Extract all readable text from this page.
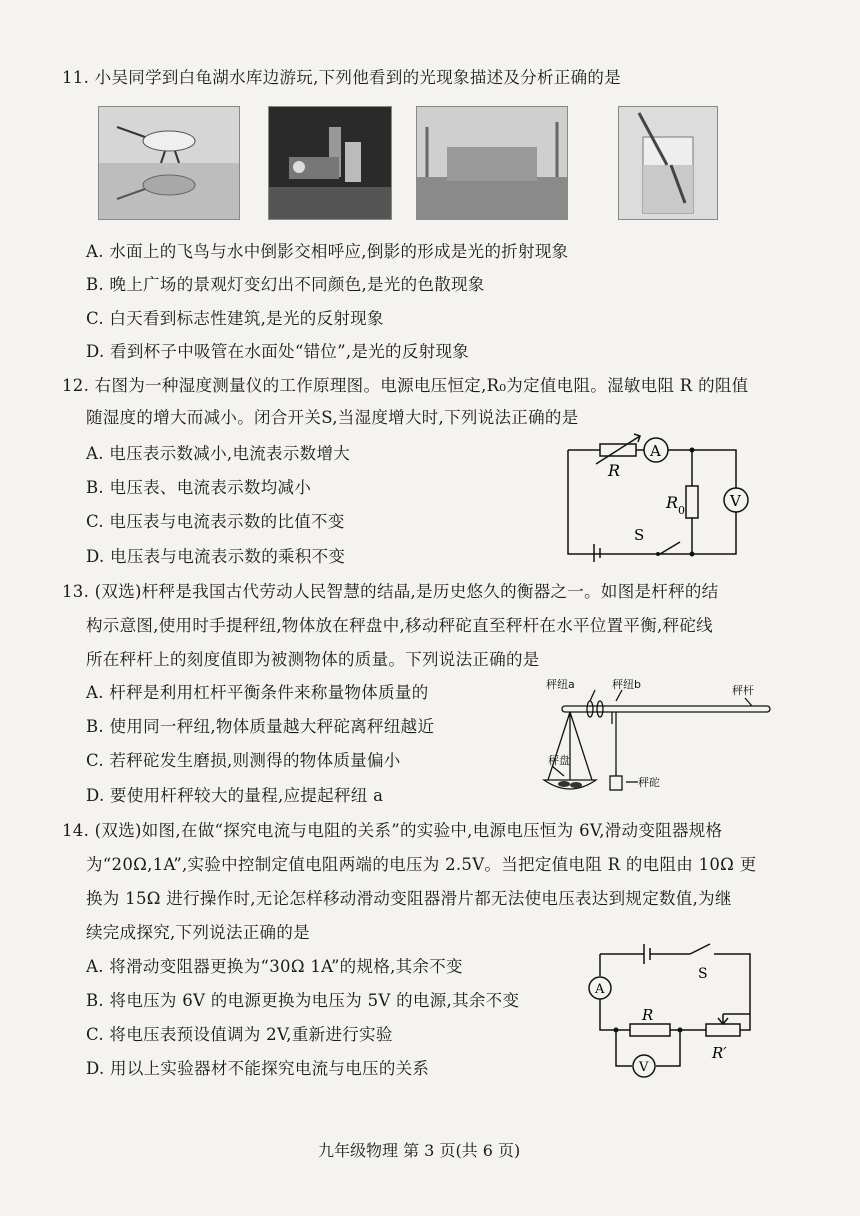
11. 小吴同学到白龟湖水库边游玩,下列他看到的光现象描述及分析正确的是
A. 水面上的飞鸟与水中倒影交相呼应,倒影的形成是光的折射现象
B. 晚上广场的景观灯变幻出不同颜色,是光的色散现象
C. 白天看到标志性建筑,是光的反射现象
D. 看到杯子中吸管在水面处“错位”,是光的反射现象
12. 右图为一种湿度测量仪的工作原理图。电源电压恒定,R₀为定值电阻。湿敏电阻 R 的阻值
随湿度的增大而减小。闭合开关S,当湿度增大时,下列说法正确的是
A. 电压表示数减小,电流表示数增大
B. 电压表、电流表示数均减小
C. 电压表与电流表示数的比值不变
D. 电压表与电流表示数的乘积不变
R
A
R 0
V
S
13. (双选)杆秤是我国古代劳动人民智慧的结晶,是历史悠久的衡器之一。如图是杆秤的结
构示意图,使用时手提秤纽,物体放在秤盘中,移动秤砣直至秤杆在水平位置平衡,秤砣线
所在秤杆上的刻度值即为被测物体的质量。下列说法正确的是
A. 杆秤是利用杠杆平衡条件来称量物体质量的
B. 使用同一秤纽,物体质量越大秤砣离秤纽越近
C. 若秤砣发生磨损,则测得的物体质量偏小
D. 要使用杆秤较大的量程,应提起秤纽 a
秤纽a	秤纽b	秤杆
秤盘
秤砣
14. (双选)如图,在做“探究电流与电阻的关系”的实验中,电源电压恒为 6V,滑动变阻器规格
为“20Ω,1A”,实验中控制定值电阻两端的电压为 2.5V。当把定值电阻 R 的电阻由 10Ω 更
换为 15Ω 进行操作时,无论怎样移动滑动变阻器滑片都无法使电压表达到规定数值,为继
续完成探究,下列说法正确的是
A. 将滑动变阻器更换为“30Ω 1A”的规格,其余不变
B. 将电压为 6V 的电源更换为电压为 5V 的电源,其余不变
C. 将电压表预设值调为 2V,重新进行实验
D. 用以上实验器材不能探究电流与电压的关系
S
A
R
R′
V
九年级物理 第 3 页(共 6 页)
